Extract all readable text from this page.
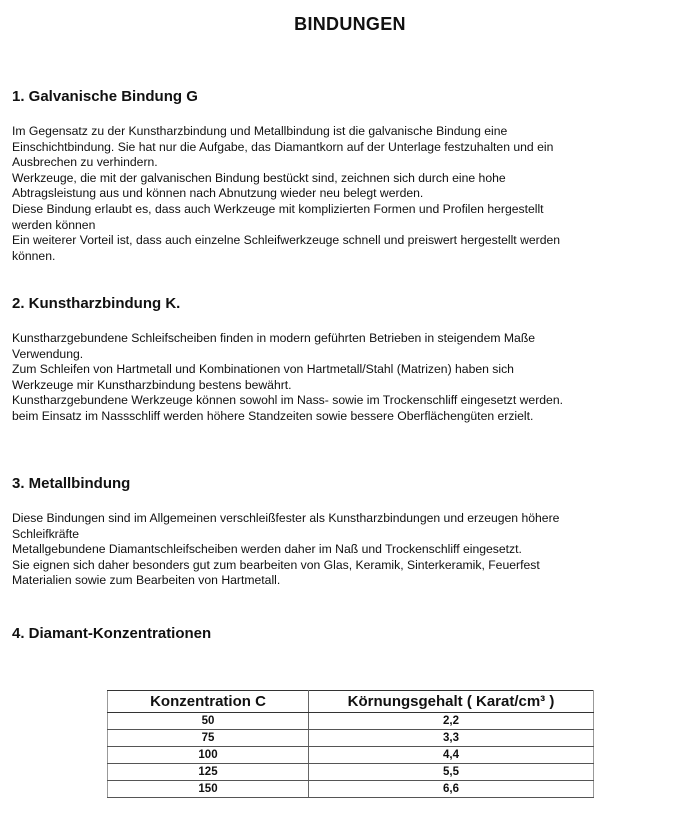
BINDUNGEN
1. Galvanische Bindung G

Im Gegensatz zu der Kunstharzbindung und Metallbindung ist die galvanische Bindung eine

Einschichtbindung. Sie hat nur die Aufgabe, das Diamantkorn auf der Unterlage festzuhalten und ein

Ausbrechen zu verhindern.

Werkzeuge, die mit der galvanischen Bindung bestückt sind, zeichnen sich durch eine hohe

Abtragsleistung aus und können nach Abnutzung wieder neu belegt werden.

Diese Bindung erlaubt es, dass auch Werkzeuge mit komplizierten Formen und Profilen hergestellt

werden können

Ein weiterer Vorteil ist, dass auch einzelne Schleifwerkzeuge schnell und preiswert hergestellt werden

können.

2. Kunstharzbindung K.

Kunstharzgebundene Schleifscheiben finden in modern geführten Betrieben in steigendem Maße

Verwendung.

Zum Schleifen von Hartmetall und Kombinationen von Hartmetall/Stahl (Matrizen) haben sich

Werkzeuge mir Kunstharzbindung bestens bewährt.

Kunstharzgebundene Werkzeuge können sowohl im Nass- sowie im Trockenschliff eingesetzt werden.

beim Einsatz im Nassschliff werden höhere Standzeiten sowie bessere Oberflächengüten erzielt.

3. Metallbindung

Diese Bindungen sind im Allgemeinen verschleißfester als Kunstharzbindungen und erzeugen höhere

Schleifkräfte

Metallgebundene Diamantschleifscheiben werden daher im Naß und Trockenschliff eingesetzt.

Sie eignen sich daher besonders gut zum bearbeiten von Glas, Keramik, Sinterkeramik, Feuerfest

Materialien sowie zum Bearbeiten von Hartmetall.

4. Diamant-Konzentrationen
Konzentration C	Körnungsgehalt ( Karat/cm³ )
50	2,2
75	3,3
100	4,4
125	5,5
150	6,6
